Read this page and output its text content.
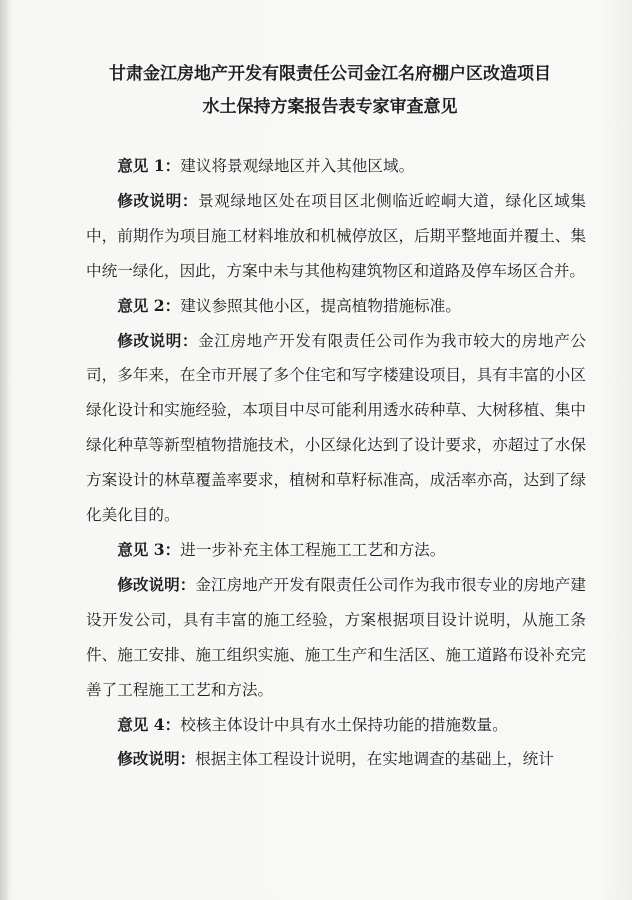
甘肃金江房地产开发有限责任公司金江名府棚户区改造项目
水土保持方案报告表专家审查意见

意见 1：建议将景观绿地区并入其他区域。

修改说明：景观绿地区处在项目区北侧临近崆峒大道，绿化区域集中，前期作为项目施工材料堆放和机械停放区，后期平整地面并覆土、集中统一绿化，因此，方案中未与其他构建筑物区和道路及停车场区合并。

意见 2：建议参照其他小区，提高植物措施标准。

修改说明：金江房地产开发有限责任公司作为我市较大的房地产公司，多年来，在全市开展了多个住宅和写字楼建设项目，具有丰富的小区绿化设计和实施经验，本项目中尽可能利用透水砖种草、大树移植、集中绿化种草等新型植物措施技术，小区绿化达到了设计要求，亦超过了水保方案设计的林草覆盖率要求，植树和草籽标准高，成活率亦高，达到了绿化美化目的。

意见 3：进一步补充主体工程施工工艺和方法。

修改说明：金江房地产开发有限责任公司作为我市很专业的房地产建设开发公司，具有丰富的施工经验，方案根据项目设计说明，从施工条件、施工安排、施工组织实施、施工生产和生活区、施工道路布设补充完善了工程施工工艺和方法。

意见 4：校核主体设计中具有水土保持功能的措施数量。

修改说明：根据主体工程设计说明，在实地调查的基础上，统计
